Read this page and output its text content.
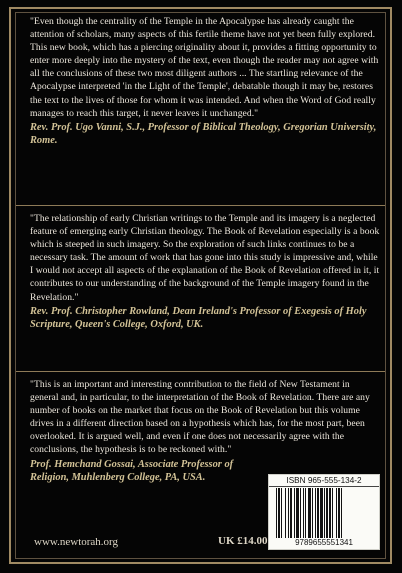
"Even though the centrality of the Temple in the Apocalypse has already caught the attention of scholars, many aspects of this fertile theme have not yet been fully explored. This new book, which has a piercing originality about it, provides a fitting opportunity to enter more deeply into the mystery of the text, even though the reader may not agree with all the conclusions of these two most diligent authors ... The startling relevance of the Apocalypse interpreted 'in the Light of the Temple', debatable though it may be, restores the text to the lives of those for whom it was intended. And when the Word of God really manages to reach this target, it never leaves it unchanged."

Rev. Prof. Ugo Vanni, S.J., Professor of Biblical Theology, Gregorian University, Rome.

"The relationship of early Christian writings to the Temple and its imagery is a neglected feature of emerging early Christian theology. The Book of Revelation especially is a book which is steeped in such imagery. So the exploration of such links continues to be a necessary task. The amount of work that has gone into this study is impressive and, while I would not accept all aspects of the explanation of the Book of Revelation offered in it, it contributes to our understanding of the background of the Temple imagery found in the Revelation."

Rev. Prof. Christopher Rowland, Dean Ireland's Professor of Exegesis of Holy Scripture, Queen's College, Oxford, UK.

"This is an important and interesting contribution to the field of New Testament in general and, in particular, to the interpretation of the Book of Revelation. There are any number of books on the market that focus on the Book of Revelation but this volume drives in a different direction based on a hypothesis which has, for the most part, been overlooked. It is argued well, and even if one does not necessarily agree with the conclusions, the hypothesis is to be reckoned with."

Prof. Hemchand Gossai, Associate Professor of Religion, Muhlenberg College, PA, USA.	ISBN 965-555-134-2
9789655551341
www.newtorah.org	UK £14.00
